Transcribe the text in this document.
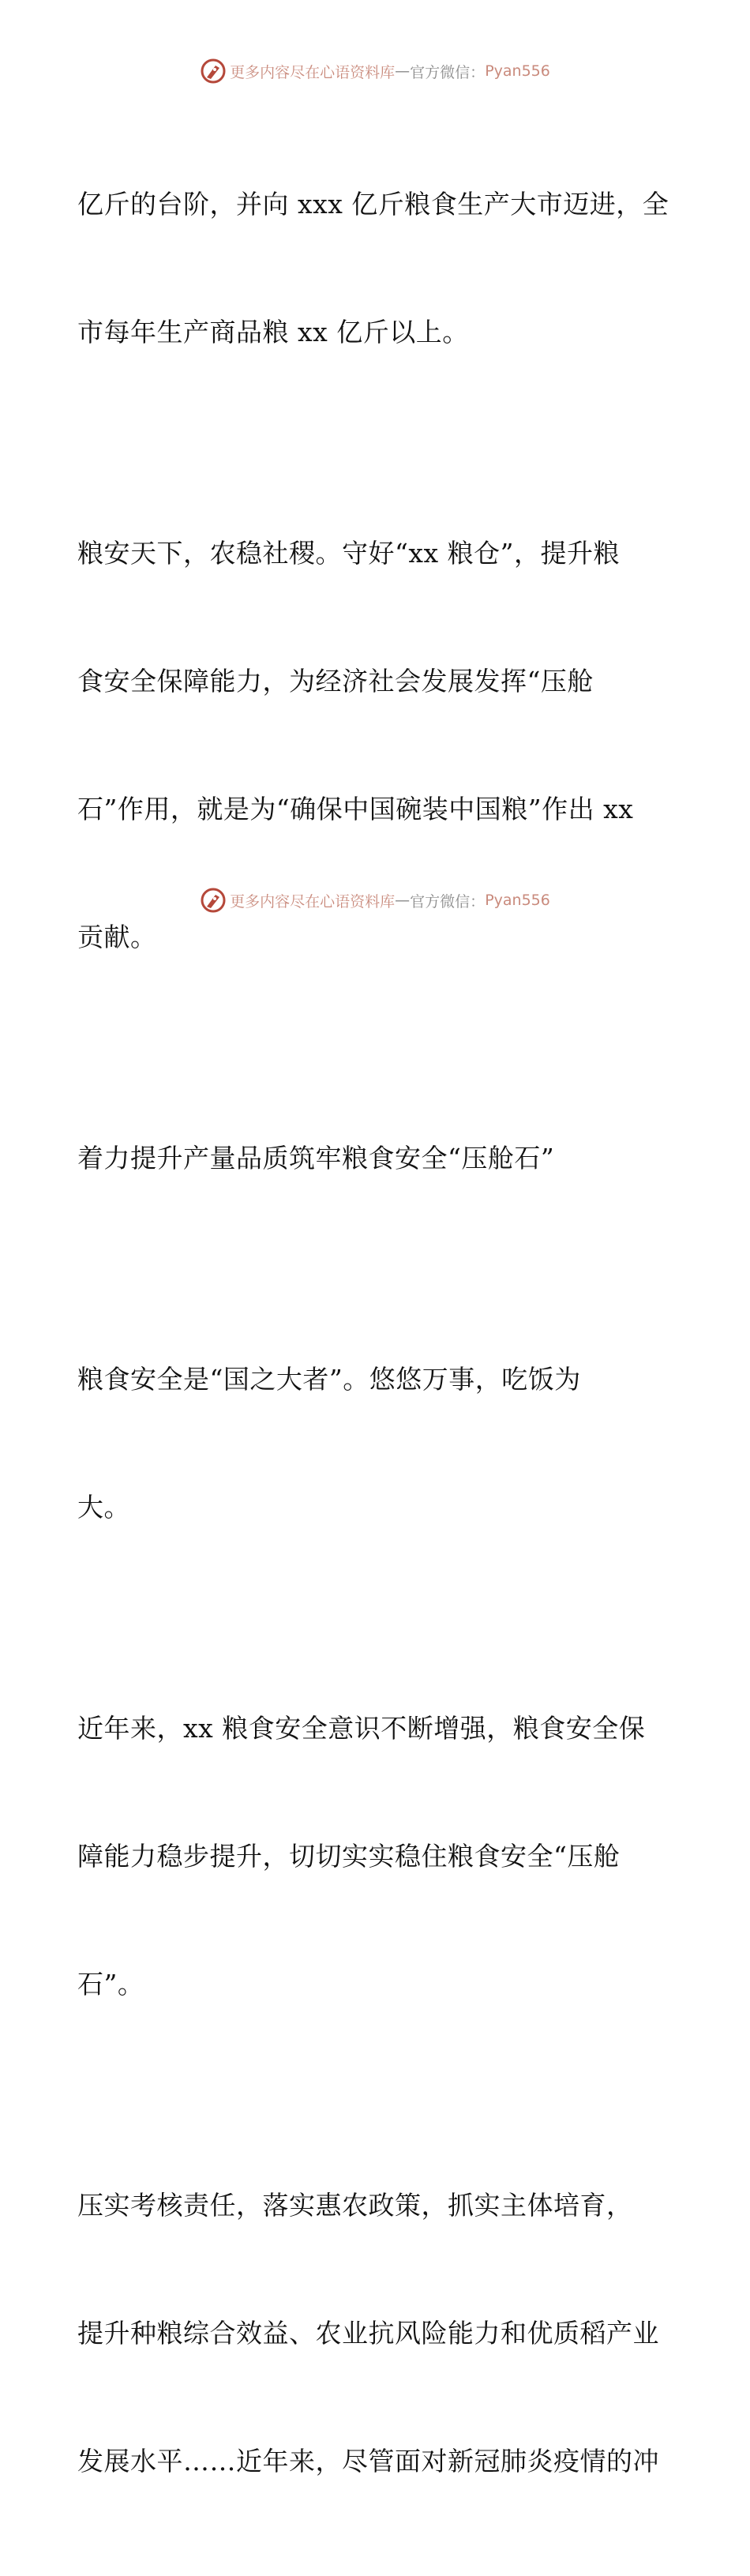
更多内容尽在心语资料库 — 官方微信： Pyan556

亿斤的台阶，并向 xxx 亿斤粮食生产大市迈进，全

市每年生产商品粮 xx 亿斤以上。

粮安天下，农稳社稷。守好“xx 粮仓”，提升粮

食安全保障能力，为经济社会发展发挥“压舱

石”作用，就是为“确保中国碗装中国粮”作出 xx

贡献。

着力提升产量品质筑牢粮食安全“压舱石”

粮食安全是“国之大者”。悠悠万事，吃饭为

大。

近年来，xx 粮食安全意识不断增强，粮食安全保

障能力稳步提升，切切实实稳住粮食安全“压舱

石”。

压实考核责任，落实惠农政策，抓实主体培育，

提升种粮综合效益、农业抗风险能力和优质稻产业

发展水平……近年来，尽管面对新冠肺炎疫情的冲

更多内容尽在心语资料库 — 官方微信： Pyan556
